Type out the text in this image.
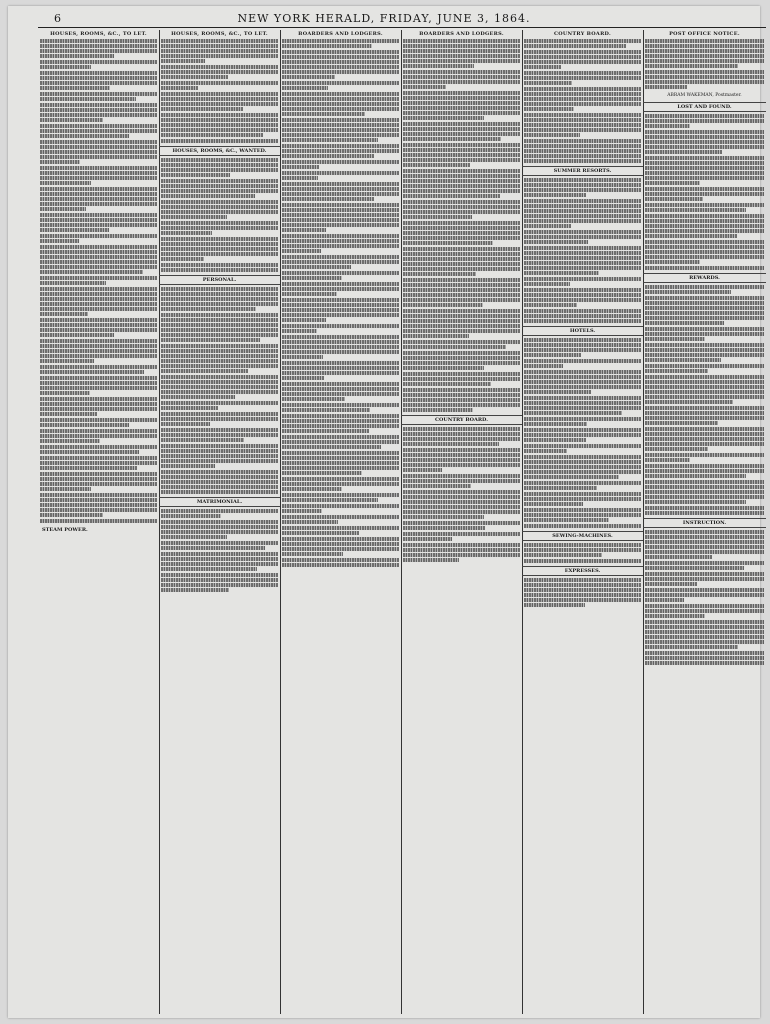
6	NEW YORK HERALD, FRIDAY, JUNE 3, 1864.
HOUSES, ROOMS, &C., TO LET.
STEAM POWER.
HOUSES, ROOMS, &C., TO LET.
HOUSES, ROOMS, &C., WANTED.
PERSONAL.
MATRIMONIAL.
BOARDERS AND LODGERS.	BOARDERS AND LODGERS.
COUNTRY BOARD.
COUNTRY BOARD.
SUMMER RESORTS.
HOTELS.
SEWING-MACHINES.
EXPRESSES.
POST OFFICE NOTICE.
ABRAM WAKEMAN, Postmaster.
LOST AND FOUND.
REWARDS.
INSTRUCTION.
